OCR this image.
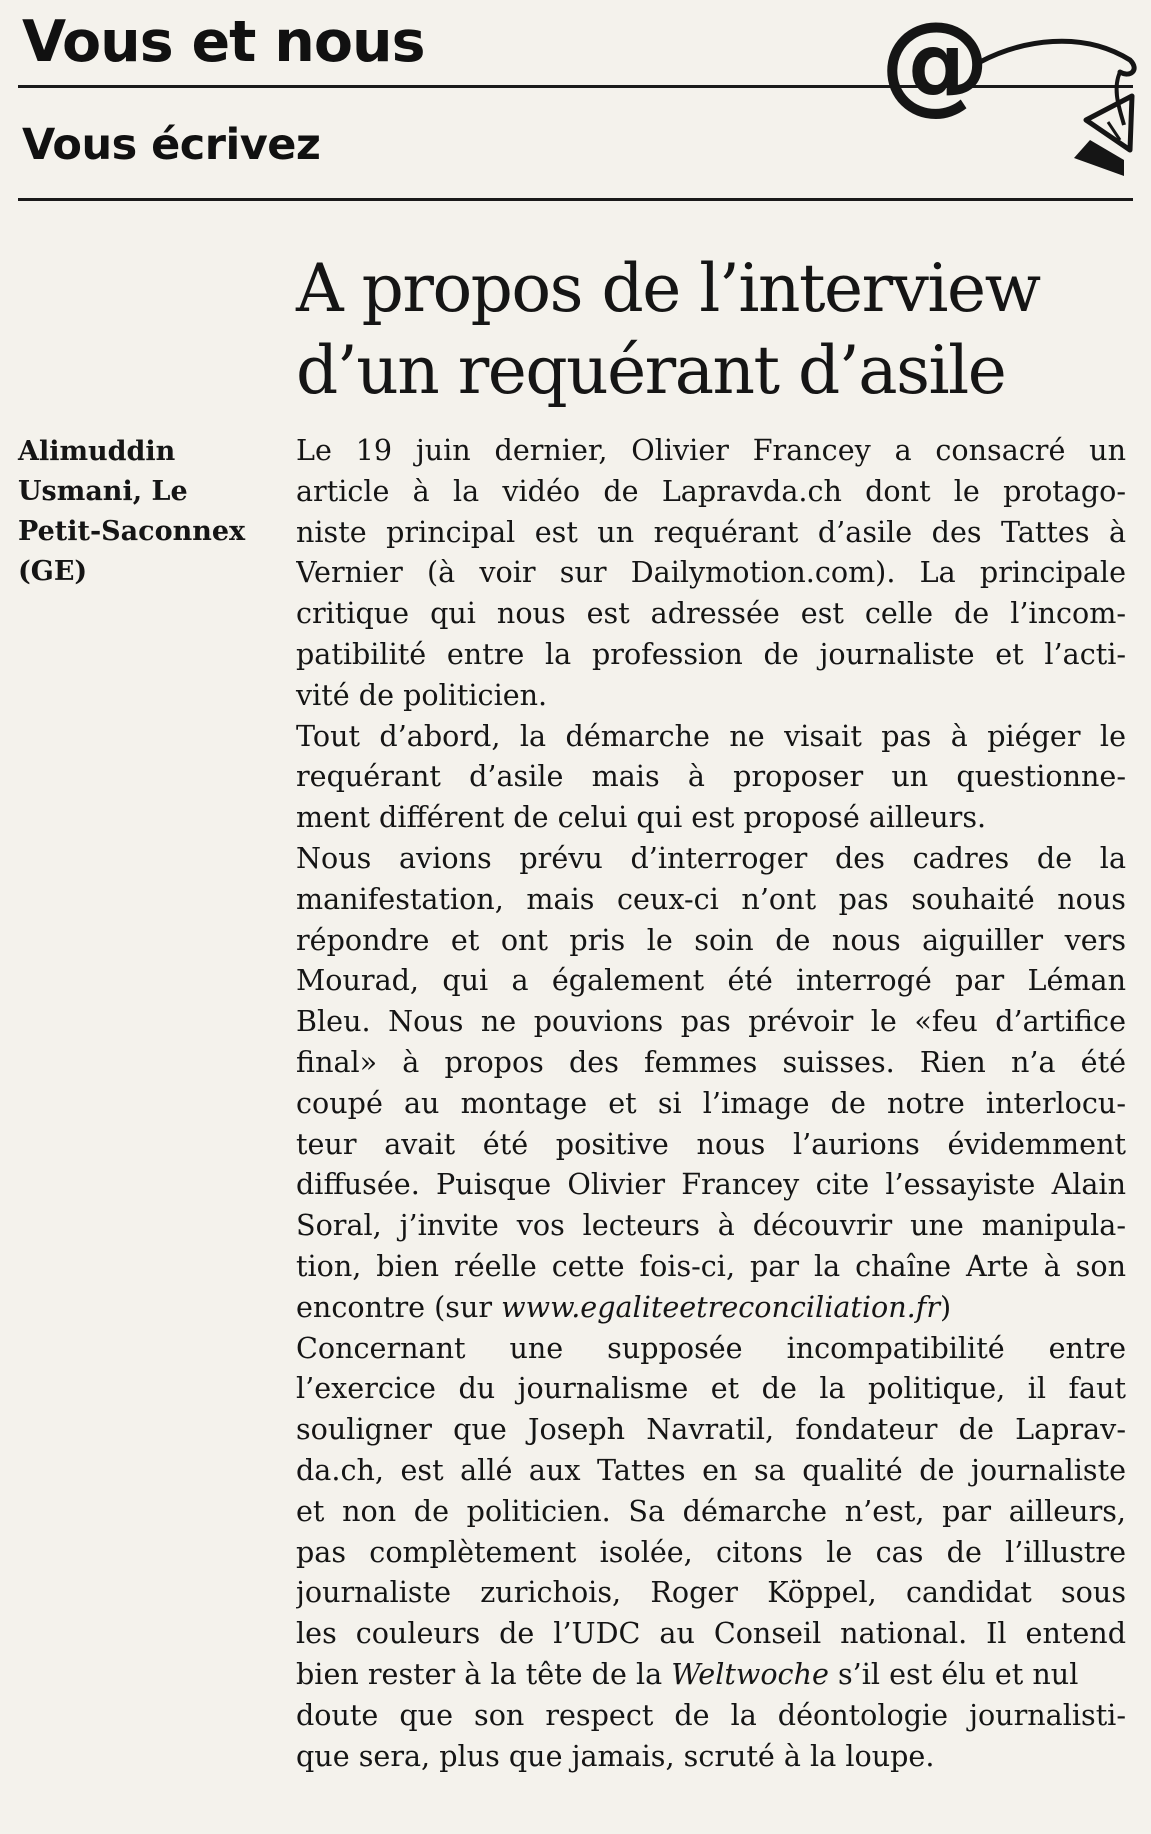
Vous et nous
Vous écrivez
@
A propos de l’interview
d’un requérant d’asile
Alimuddin
Usmani, Le
Petit-Saconnex
(GE)
Le 19 juin dernier, Olivier Francey a consacré un
article à la vidéo de Lapravda.ch dont le protago-
niste principal est un requérant d’asile des Tattes à
Vernier (à voir sur Dailymotion.com). La principale
critique qui nous est adressée est celle de l’incom-
patibilité entre la profession de journaliste et l’acti-
vité de politicien.
Tout d’abord, la démarche ne visait pas à piéger le
requérant d’asile mais à proposer un questionne-
ment différent de celui qui est proposé ailleurs.
Nous avions prévu d’interroger des cadres de la
manifestation, mais ceux-ci n’ont pas souhaité nous
répondre et ont pris le soin de nous aiguiller vers
Mourad, qui a également été interrogé par Léman
Bleu. Nous ne pouvions pas prévoir le «feu d’artifice
final» à propos des femmes suisses. Rien n’a été
coupé au montage et si l’image de notre interlocu-
teur avait été positive nous l’aurions évidemment
diffusée. Puisque Olivier Francey cite l’essayiste Alain
Soral, j’invite vos lecteurs à découvrir une manipula-
tion, bien réelle cette fois-ci, par la chaîne Arte à son
encontre (sur www.egaliteetreconciliation.fr)
Concernant une supposée incompatibilité entre
l’exercice du journalisme et de la politique, il faut
souligner que Joseph Navratil, fondateur de Laprav-
da.ch, est allé aux Tattes en sa qualité de journaliste
et non de politicien. Sa démarche n’est, par ailleurs,
pas complètement isolée, citons le cas de l’illustre
journaliste zurichois, Roger Köppel, candidat sous
les couleurs de l’UDC au Conseil national. Il entend
bien rester à la tête de la Weltwoche s’il est élu et nul
doute que son respect de la déontologie journalisti-
que sera, plus que jamais, scruté à la loupe.
